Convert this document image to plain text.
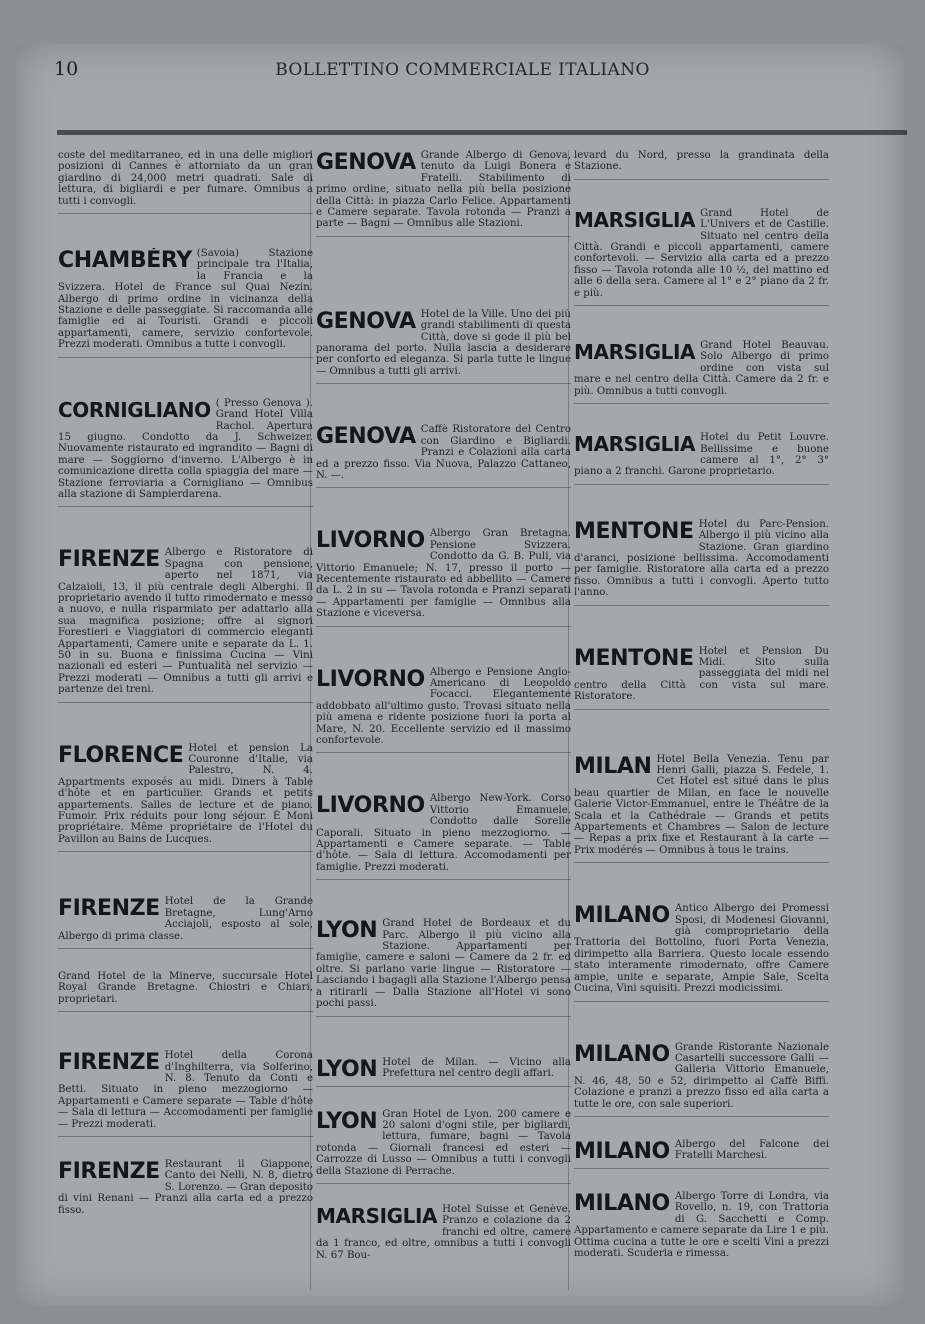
10	BOLLETTINO COMMERCIALE ITALIANO

coste del meditarraneo, ed in una delle migliori posizioni di Cannes è attorniato da un gran giardino di 24,000 metri quadrati. Sale di lettura, di bigliardi e per fumare. Omnibus a tutti i convogli.

CHAMBÉRY (Savoia) Stazione principale tra l'Italia, la Francia e la Svizzera. Hotel de France sul Quai Nezin. Albergo di primo ordine in vicinanza della Stazione e delle passeggiate. Si raccomanda alle famiglie ed ai Touristi. Grandi e piccoli appartamenti, camere, servizio confortevole. Prezzi moderati. Omnibus a tutte i convogli.

CORNIGLIANO ( Presso Genova ). Grand Hotel Villa Rachol. Apertura 15 giugno. Condotto da J. Schweizer. Nuovamente ristaurato ed ingrandito — Bagni di mare — Soggiorno d'inverno. L'Albergo è in comunicazione diretta colla spiaggia del mare — Stazione ferroviaria a Cornigliano — Omnibus alla stazione di Sampierdarena.

FIRENZE Albergo e Ristoratore di Spagna con pensione, aperto nel 1871, via Calzaioli, 13, il più centrale degli Alberghi. Il proprietario avendo il tutto rimodernato e messo a nuovo, e nulla risparmiato per adattarlo alla sua magnifica posizione; offre ai signori Forestieri e Viaggiatori di commercio eleganti Appartamenti, Camere unite e separate da L. 1. 50 in su. Buona e finissima Cucina — Vini nazionali ed esteri — Puntualità nel servizio — Prezzi moderati — Omnibus a tutti gli arrivi e partenze dei treni.

FLORENCE Hotel et pension La Couronne d'Italie, via Palestro, N. 4. Appartments exposés au midi. Diners à Table d'hôte et en particulier. Grands et petits appartements. Salles de lecture et de piano. Fumoir. Prix réduits pour long séjour. É Moni propriétaire. Même propriétaire de l'Hotel du Pavillon au Bains de Lucques.

FIRENZE Hotel de la Grande Bretagne, Lung'Arno Acciajoli, esposto al sole, Albergo di prima classe.

Grand Hotel de la Minerve, succursale Hotel Royal Grande Bretagne. Chiostri e Chiari, proprietari.

FIRENZE Hotel della Corona d'Inghilterra, via Solferino, N. 8. Tenuto da Conti e Betti. Situato in pieno mezzogiorno — Appartamenti e Camere separate — Table d'hôte — Sala di lettura — Accomodamenti per famiglie — Prezzi moderati.

FIRENZE Restaurant il Giappone, Canto dei Nelli, N. 8, dietro S. Lorenzo. — Gran deposito di vini Renani — Pranzi alla carta ed a prezzo fisso.

GENOVA Grande Albergo di Genova, tenuto da Luigi Bonera e Fratelli. Stabilimento di primo ordine, situato nella più bella posizione della Città: in piazza Carlo Felice. Appartamenti e Camere separate. Tavola rotonda — Pranzi a parte — Bagni — Omnibus alle Stazioni.

GENOVA Hotel de la Ville. Uno dei più grandi stabilimenti di questa Città, dove si gode il più bel panorama del porto. Nulla lascia a desiderare per conforto ed eleganza. Si parla tutte le lingue — Omnibus a tutti gli arrivi.

GENOVA Caffè Ristoratore del Centro con Giardino e Bigliardi. Pranzi e Colazioni alla carta ed a prezzo fisso. Via Nuova, Palazzo Cattaneo, N. —.

LIVORNO Albergo Gran Bretagna. Pensione Svizzera. Condotto da G. B. Puli, via Vittorio Emanuele; N. 17, presso il porto — Recentemente ristaurato ed abbellito — Camere da L. 2 in su — Tavola rotonda e Pranzi separati — Appartamenti per famiglie — Omnibus alla Stazione e viceversa.

LIVORNO Albergo e Pensione Anglo-Americano di Leopoldo Focacci. Elegantemente addobbato all'ultimo gusto. Trovasi situato nella più amena e ridente posizione fuori la porta al Mare, N. 20. Eccellente servizio ed il massimo confortevole.

LIVORNO Albergo New-York. Corso Vittorio Emanuele. Condotto dalle Sorelle Caporali. Situato in pieno mezzogiorno. — Appartamenti e Camere separate. — Table d'hôte. — Sala di lettura. Accomodamenti per famiglie. Prezzi moderati.

LYON Grand Hotel de Bordeaux et du Parc. Albergo il più vicino alla Stazione. Appartamenti per famiglie, camere e saloni — Camere da 2 fr. ed oltre. Si parlano varie lingue — Ristoratore — Lasciando i bagagli alla Stazione l'Albergo pensa a ritirarli — Dalla Stazione all'Hotel vi sono pochi passi.

LYON Hotel de Milan. — Vicino alla Prefettura nel centro degli affari.

LYON Gran Hotel de Lyon. 200 camere e 20 saloni d'ogni stile, per bigliardi, lettura, fumare, bagni — Tavola rotonda — Giornali francesi ed esteri — Carrozze di Lusso — Omnibus a tutti i convogli della Stazione di Perrache.

MARSIGLIA Hotel Suisse et Genève. Pranzo e colazione da 2 franchi ed oltre, camere da 1 franco, ed oltre, omnibus a tutti i convogli N. 67 Bou-

levard du Nord, presso la grandinata della Stazione.

MARSIGLIA Grand Hotel de L'Univers et de Castille. Situato nel centro della Città. Grandi e piccoli appartamenti, camere confortevoli. — Servizio alla carta ed a prezzo fisso — Tavola rotonda alle 10 ½, del mattino ed alle 6 della sera. Camere al 1° e 2° piano da 2 fr. e più.

MARSIGLIA Grand Hotel Beauvau. Solo Albergo di primo ordine con vista sul mare e nel centro della Città. Camere da 2 fr. e più. Omnibus a tutti convogli.

MARSIGLIA Hotel du Petit Louvre. Bellissime e buone camere al 1°, 2° 3° piano a 2 franchi. Garone proprietario.

MENTONE Hotel du Parc-Pension. Albergo il più vicino alla Stazione. Gran giardino d'aranci, posizione bellissima. Accomodamenti per famiglie. Ristoratore alla carta ed a prezzo fisso. Omnibus a tutti i convogli. Aperto tutto l'anno.

MENTONE Hotel et Pension Du Midi. Sito sulla passeggiata del midi nel centro della Città con vista sul mare. Ristoratore.

MILAN Hotel Bella Venezia. Tenu par Henri Galli, piazza S. Fedele, 1. Cet Hotel est situé dans le plus beau quartier de Milan, en face le nouvelle Galerie Victor-Emmanuel, entre le Théâtre de la Scala et la Cathédrale — Grands et petits Appartements et Chambres — Salon de lecture — Repas a prix fixe et Restaurant à la carte — Prix modérés — Omnibus à tous le trains.

MILANO Antico Albergo dei Promessi Sposi, di Modenesi Giovanni, già comproprietario della Trattoria del Bottolino, fuori Porta Venezia, dirimpetto alla Barriera. Questo locale essendo stato interamente rimodernato, offre Camere ampie, unite e separate, Ampie Sale, Scelta Cucina, Vini squisiti. Prezzi modicissimi.

MILANO Grande Ristorante Nazionale Casartelli successore Galli — Galleria Vittorio Emanuele, N. 46, 48, 50 e 52, dirimpetto al Caffè Biffi. Colazione e pranzi a prezzo fisso ed alla carta a tutte le ore, con sale superiori.

MILANO Albergo del Falcone dei Fratelli Marchesi.

MILANO Albergo Torre di Londra, via Rovello, n. 19, con Trattoria di G. Sacchetti e Comp. Appartamento e camere separate da Lire 1 e più. Ottima cucina a tutte le ore e scelti Vini a prezzi moderati. Scuderia e rimessa.
